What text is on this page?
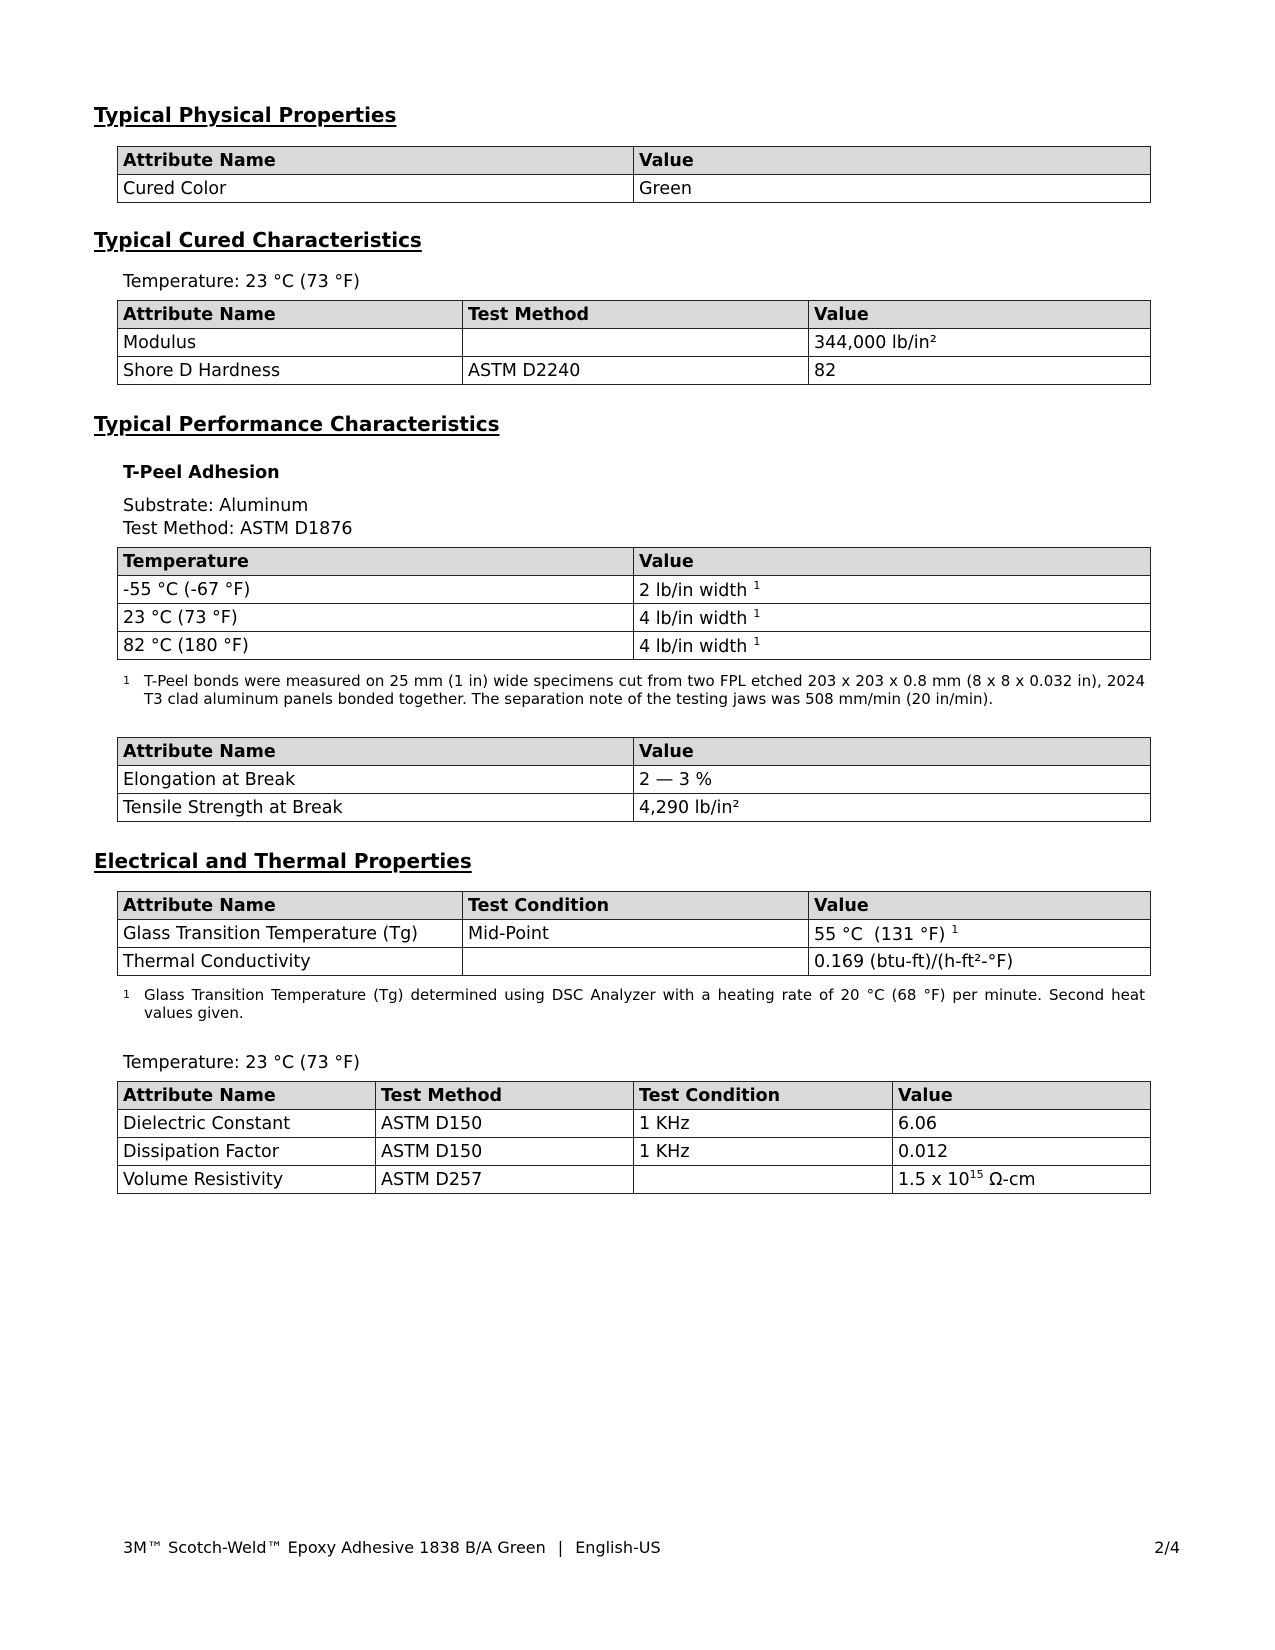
Typical Physical Properties
Attribute Name	Value
Cured Color	Green
Typical Cured Characteristics

Temperature: 23 °C (73 °F)

Attribute Name	Test Method	Value
Modulus		344,000 lb/in²
Shore D Hardness	ASTM D2240	82
Typical Performance Characteristics

T-Peel Adhesion

Substrate: Aluminum

Test Method: ASTM D1876

Temperature	Value
-55 °C (-67 °F)	2 lb/in width $^1$
23 °C (73 °F)	4 lb/in width $^1$
82 °C (180 °F)	4 lb/in width $^1$
1 T-Peel bonds were measured on 25 mm (1 in) wide specimens cut from two FPL etched 203 x 203 x 0.8 mm (8 x 8 x 0.032 in), 2024 T3 clad aluminum panels bonded together. The separation note of the testing jaws was 508 mm/min (20 in/min).
Attribute Name	Value
Elongation at Break	2 — 3 %
Tensile Strength at Break	4,290 lb/in²
Electrical and Thermal Properties
Attribute Name	Test Condition	Value
Glass Transition Temperature (Tg)	Mid-Point	55 °C  (131 °F) $^1$
Thermal Conductivity		0.169 (btu-ft)/(h-ft²-°F)
1 Glass Transition Temperature (Tg) determined using DSC Analyzer with a heating rate of 20 °C (68 °F) per minute. Second heat values given.

Temperature: 23 °C (73 °F)

Attribute Name	Test Method	Test Condition	Value
Dielectric Constant	ASTM D150	1 KHz	6.06
Dissipation Factor	ASTM D150	1 KHz	0.012
Volume Resistivity	ASTM D257		1.5 x $10^{15}$ Ω-cm
3M™ Scotch-Weld™ Epoxy Adhesive 1838 B/A Green | English-US	2/4
